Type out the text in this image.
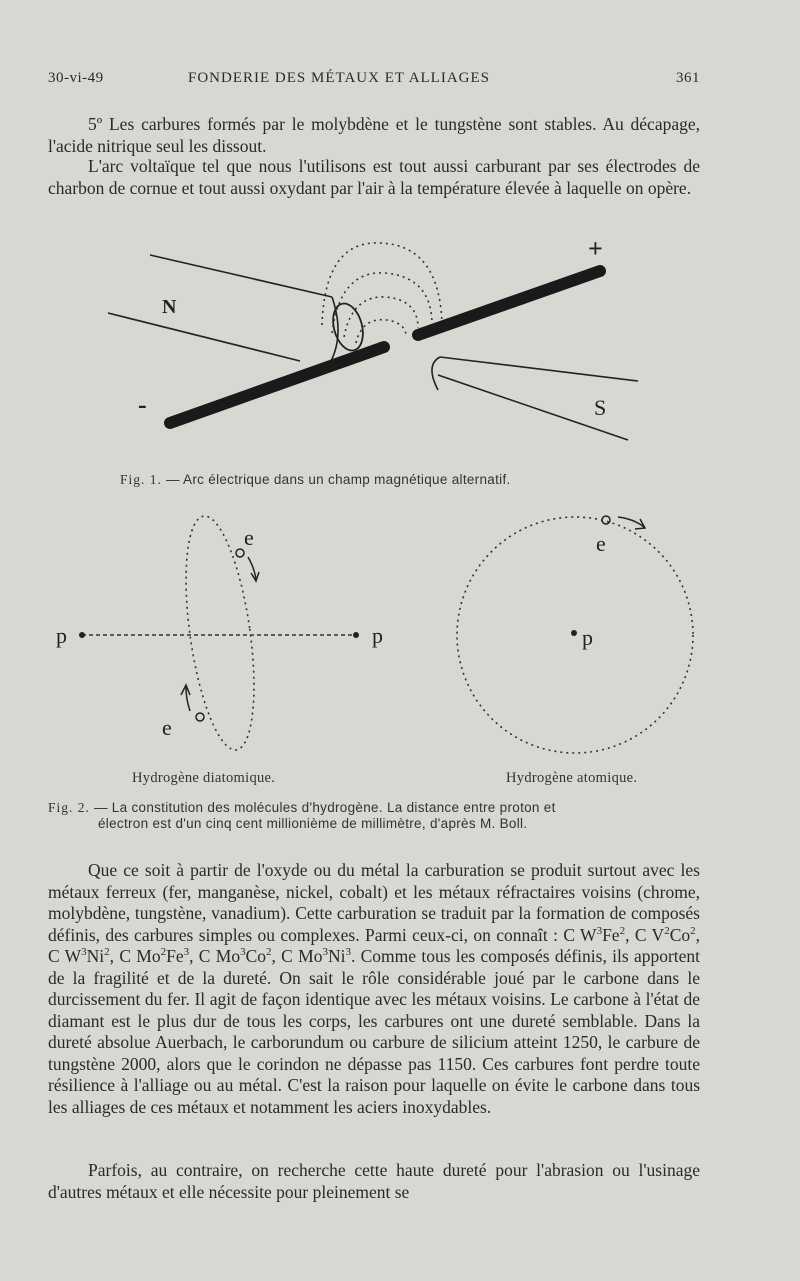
30-vi-49	FONDERIE DES MÉTAUX ET ALLIAGES	361

5º Les carbures formés par le molybdène et le tungstène sont stables. Au décapage, l'acide nitrique seul les dissout.

L'arc voltaïque tel que nous l'utilisons est tout aussi carburant par ses électrodes de charbon de cornue et tout aussi oxydant par l'air à la température élevée à laquelle on opère.

N
S
+
-
Fig. 1. — Arc électrique dans un champ magnétique alternatif.
p	p
e
e
e
p
Hydrogène diatomique.	Hydrogène atomique.
Fig. 2. — La constitution des molécules d'hydrogène. La distance entre proton et
électron est d'un cinq cent millionième de millimètre, d'après M. Boll.

Que ce soit à partir de l'oxyde ou du métal la carburation se produit surtout avec les métaux ferreux (fer, manganèse, nickel, cobalt) et les métaux réfractaires voisins (chrome, molybdène, tungstène, vanadium). Cette carburation se traduit par la formation de composés définis, des carbures simples ou complexes. Parmi ceux-ci, on connaît : C $W^3Fe^2$, C $V^2Co^2$, C $W^3Ni^2$, C Mo$^2$Fe$^3$, C Mo$^3$Co$^2$, C Mo$^3$Ni$^3$. Comme tous les composés définis, ils apportent de la fragilité et de la dureté. On sait le rôle considérable joué par le carbone dans le durcissement du fer. Il agit de façon identique avec les métaux voisins. Le carbone à l'état de diamant est le plus dur de tous les corps, les carbures ont une dureté semblable. Dans la dureté absolue Auerbach, le carborundum ou carbure de silicium atteint 1250, le carbure de tungstène 2000, alors que le corindon ne dépasse pas 1150. Ces carbures font perdre toute résilience à l'alliage ou au métal. C'est la raison pour laquelle on évite le carbone dans tous les alliages de ces métaux et notamment les aciers inoxydables.

Parfois, au contraire, on recherche cette haute dureté pour l'abrasion ou l'usinage d'autres métaux et elle nécessite pour pleinement se
